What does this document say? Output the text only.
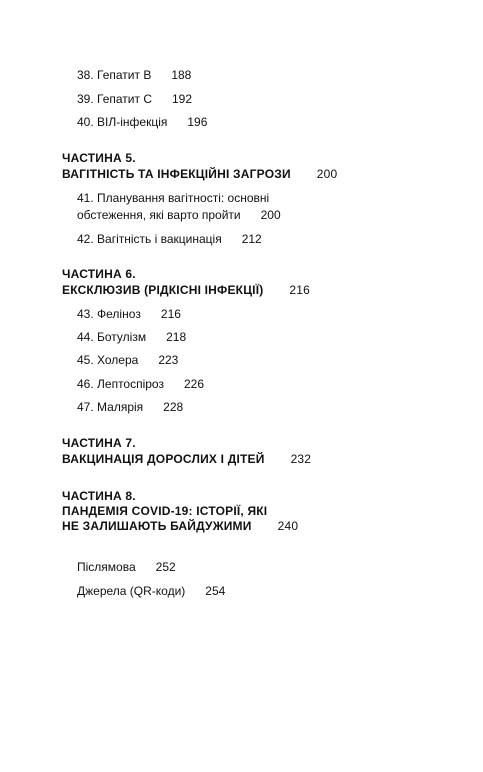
38. Гепатит В 188
39. Гепатит С 192
40. ВІЛ-інфекція 196
ЧАСТИНА 5.
ВАГІТНІСТЬ ТА ІНФЕКЦІЙНІ ЗАГРОЗИ 200
41. Планування вагітності: основні
обстеження, які варто пройти 200
42. Вагітність і вакцинація 212
ЧАСТИНА 6.
ЕКСКЛЮЗИВ (РІДКІСНІ ІНФЕКЦІЇ) 216
43. Фелінoз 216
44. Ботулізм 218
45. Холера 223
46. Лептоспіроз 226
47. Малярія 228
ЧАСТИНА 7.
ВАКЦИНАЦІЯ ДОРОСЛИХ І ДІТЕЙ 232
ЧАСТИНА 8.
ПАНДЕМІЯ COVID-19: ІСТОРІЇ, ЯКІ
НЕ ЗАЛИШАЮТЬ БАЙДУЖИМИ 240
Післямова 252
Джерела (QR-коди) 254
